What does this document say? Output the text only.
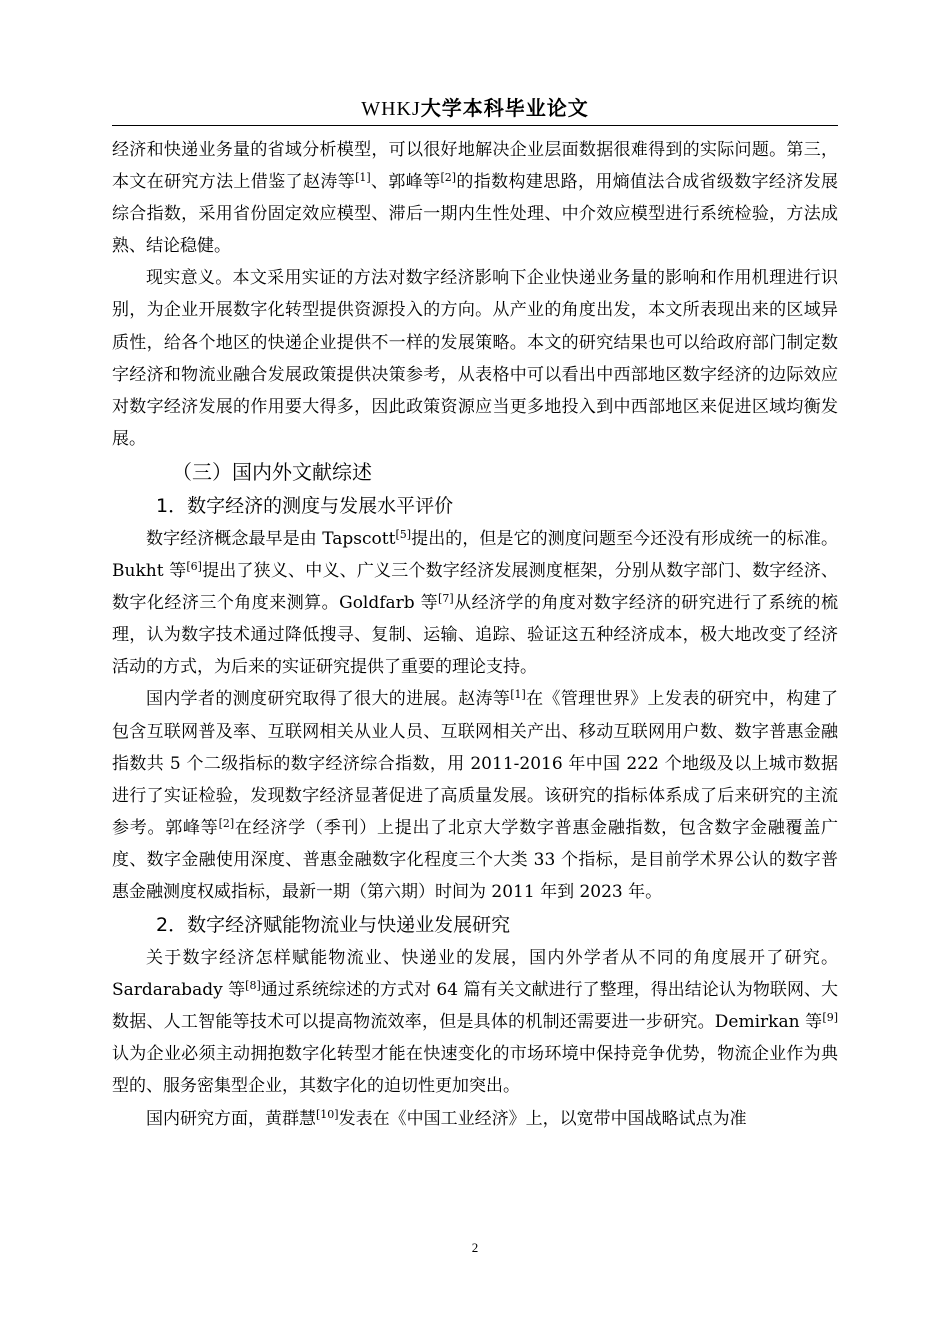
WHKJ大学本科毕业论文

经济和快递业务量的省域分析模型，可以很好地解决企业层面数据很难得到的实际问题。第三，本文在研究方法上借鉴了赵涛等[1]、郭峰等[2]的指数构建思路，用熵值法合成省级数字经济发展综合指数，采用省份固定效应模型、滞后一期内生性处理、中介效应模型进行系统检验，方法成熟、结论稳健。

现实意义。本文采用实证的方法对数字经济影响下企业快递业务量的影响和作用机理进行识别，为企业开展数字化转型提供资源投入的方向。从产业的角度出发，本文所表现出来的区域异质性，给各个地区的快递企业提供不一样的发展策略。本文的研究结果也可以给政府部门制定数字经济和物流业融合发展政策提供决策参考，从表格中可以看出中西部地区数字经济的边际效应对数字经济发展的作用要大得多，因此政策资源应当更多地投入到中西部地区来促进区域均衡发展。

（三）国内外文献综述

1．数字经济的测度与发展水平评价

数字经济概念最早是由 Tapscott[5]提出的，但是它的测度问题至今还没有形成统一的标准。Bukht 等[6]提出了狭义、中义、广义三个数字经济发展测度框架，分别从数字部门、数字经济、数字化经济三个角度来测算。Goldfarb 等[7]从经济学的角度对数字经济的研究进行了系统的梳理，认为数字技术通过降低搜寻、复制、运输、追踪、验证这五种经济成本，极大地改变了经济活动的方式，为后来的实证研究提供了重要的理论支持。

国内学者的测度研究取得了很大的进展。赵涛等[1]在《管理世界》上发表的研究中，构建了包含互联网普及率、互联网相关从业人员、互联网相关产出、移动互联网用户数、数字普惠金融指数共 5 个二级指标的数字经济综合指数，用 2011-2016 年中国 222 个地级及以上城市数据进行了实证检验，发现数字经济显著促进了高质量发展。该研究的指标体系成了后来研究的主流参考。郭峰等[2]在经济学（季刊）上提出了北京大学数字普惠金融指数，包含数字金融覆盖广度、数字金融使用深度、普惠金融数字化程度三个大类 33 个指标，是目前学术界公认的数字普惠金融测度权威指标，最新一期（第六期）时间为 2011 年到 2023 年。

2．数字经济赋能物流业与快递业发展研究

关于数字经济怎样赋能物流业、快递业的发展，国内外学者从不同的角度展开了研究。Sardarabady 等[8]通过系统综述的方式对 64 篇有关文献进行了整理，得出结论认为物联网、大数据、人工智能等技术可以提高物流效率，但是具体的机制还需要进一步研究。Demirkan 等[9]认为企业必须主动拥抱数字化转型才能在快速变化的市场环境中保持竞争优势，物流企业作为典型的、服务密集型企业，其数字化的迫切性更加突出。

国内研究方面，黄群慧[10]发表在《中国工业经济》上，以宽带中国战略试点为准

2
